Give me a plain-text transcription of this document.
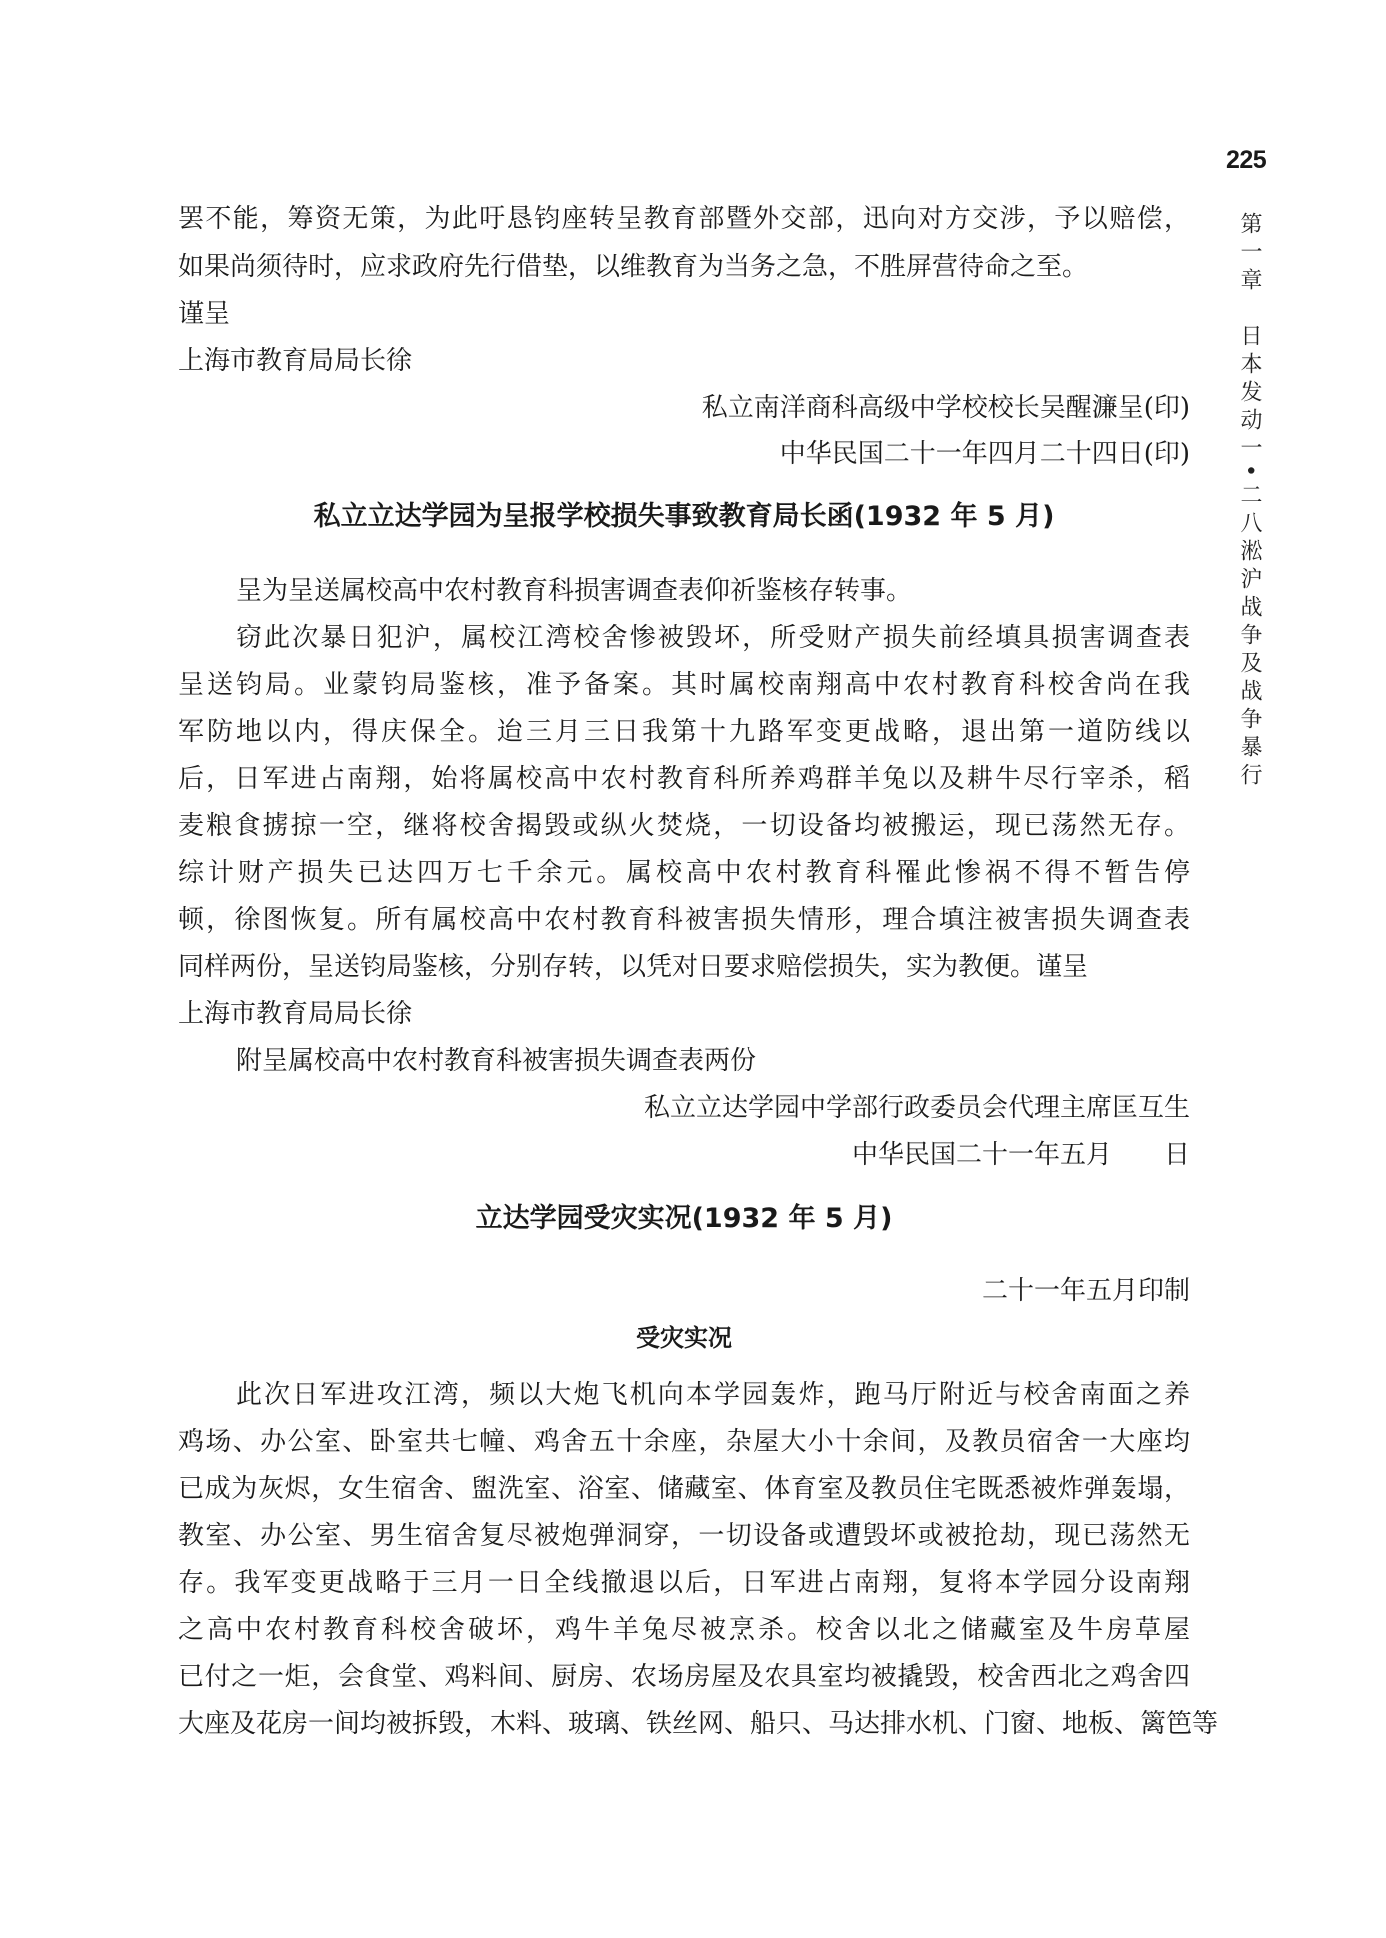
225
第一章　日本发动一•二八淞沪战争及战争暴行
罢不能，筹资无策，为此吁恳钧座转呈教育部暨外交部，迅向对方交涉，予以赔偿，
如果尚须待时，应求政府先行借垫，以维教育为当务之急，不胜屏营待命之至。
谨呈
上海市教育局局长徐
私立南洋商科高级中学校校长吴醒濂呈(印)
中华民国二十一年四月二十四日(印)
私立立达学园为呈报学校损失事致教育局长函(1932 年 5 月)
呈为呈送属校高中农村教育科损害调查表仰祈鉴核存转事。
窃此次暴日犯沪，属校江湾校舍惨被毁坏，所受财产损失前经填具损害调查表
呈送钧局。业蒙钧局鉴核，准予备案。其时属校南翔高中农村教育科校舍尚在我
军防地以内，得庆保全。迨三月三日我第十九路军变更战略，退出第一道防线以
后，日军进占南翔，始将属校高中农村教育科所养鸡群羊兔以及耕牛尽行宰杀，稻
麦粮食掳掠一空，继将校舍揭毁或纵火焚烧，一切设备均被搬运，现已荡然无存。
综计财产损失已达四万七千余元。属校高中农村教育科罹此惨祸不得不暂告停
顿，徐图恢复。所有属校高中农村教育科被害损失情形，理合填注被害损失调查表
同样两份，呈送钧局鉴核，分别存转，以凭对日要求赔偿损失，实为教便。谨呈
上海市教育局局长徐
附呈属校高中农村教育科被害损失调查表两份
私立立达学园中学部行政委员会代理主席匡互生
中华民国二十一年五月　　日
立达学园受灾实况(1932 年 5 月)
二十一年五月印制
受灾实况
此次日军进攻江湾，频以大炮飞机向本学园轰炸，跑马厅附近与校舍南面之养
鸡场、办公室、卧室共七幢、鸡舍五十余座，杂屋大小十余间，及教员宿舍一大座均
已成为灰烬，女生宿舍、盥洗室、浴室、储藏室、体育室及教员住宅既悉被炸弹轰塌，
教室、办公室、男生宿舍复尽被炮弹洞穿，一切设备或遭毁坏或被抢劫，现已荡然无
存。我军变更战略于三月一日全线撤退以后，日军进占南翔，复将本学园分设南翔
之高中农村教育科校舍破坏，鸡牛羊兔尽被烹杀。校舍以北之储藏室及牛房草屋
已付之一炬，会食堂、鸡料间、厨房、农场房屋及农具室均被撬毁，校舍西北之鸡舍四
大座及花房一间均被拆毁，木料、玻璃、铁丝网、船只、马达排水机、门窗、地板、篱笆等
